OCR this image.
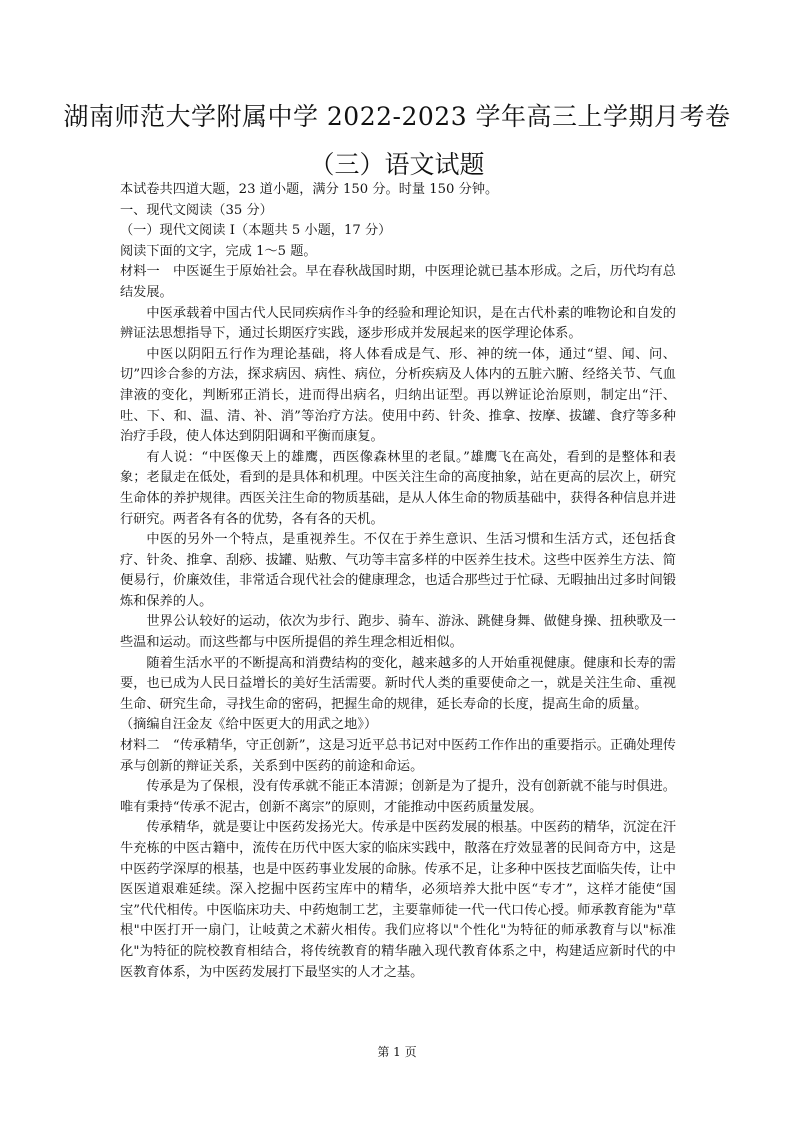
湖南师范大学附属中学 2022-2023 学年高三上学期月考卷
（三）语文试题

本试卷共四道大题，23 道小题，满分 150 分。时量 150 分钟。

一、现代文阅读（35 分）

（一）现代文阅读 I（本题共 5 小题，17 分）

阅读下面的文字，完成 1～5 题。

材料一　中医诞生于原始社会。早在春秋战国时期，中医理论就已基本形成。之后，历代均有总结发展。

中医承载着中国古代人民同疾病作斗争的经验和理论知识，是在古代朴素的唯物论和自发的辨证法思想指导下，通过长期医疗实践，逐步形成并发展起来的医学理论体系。

中医以阴阳五行作为理论基础，将人体看成是气、形、神的统一体，通过“望、闻、问、切”四诊合参的方法，探求病因、病性、病位，分析疾病及人体内的五脏六腑、经络关节、气血津液的变化，判断邪正消长，进而得出病名，归纳出证型。再以辨证论治原则，制定出“汗、吐、下、和、温、清、补、消”等治疗方法。使用中药、针灸、推拿、按摩、拔罐、食疗等多种治疗手段，使人体达到阴阳调和平衡而康复。

有人说：“中医像天上的雄鹰，西医像森林里的老鼠。”雄鹰飞在高处，看到的是整体和表象；老鼠走在低处，看到的是具体和机理。中医关注生命的高度抽象，站在更高的层次上，研究生命体的养护规律。西医关注生命的物质基础，是从人体生命的物质基础中，获得各种信息并进行研究。两者各有各的优势，各有各的天机。

中医的另外一个特点，是重视养生。不仅在于养生意识、生活习惯和生活方式，还包括食疗、针灸、推拿、刮痧、拔罐、贴敷、气功等丰富多样的中医养生技术。这些中医养生方法、简便易行，价廉效佳，非常适合现代社会的健康理念，也适合那些过于忙碌、无暇抽出过多时间锻炼和保养的人。

世界公认较好的运动，依次为步行、跑步、骑车、游泳、跳健身舞、做健身操、扭秧歌及一些温和运动。而这些都与中医所提倡的养生理念相近相似。

随着生活水平的不断提高和消费结构的变化，越来越多的人开始重视健康。健康和长寿的需要，也已成为人民日益增长的美好生活需要。新时代人类的重要使命之一，就是关注生命、重视生命、研究生命，寻找生命的密码，把握生命的规律，延长寿命的长度，提高生命的质量。

（摘编自汪金友《给中医更大的用武之地》）

材料二　“传承精华，守正创新”，这是习近平总书记对中医药工作作出的重要指示。正确处理传承与创新的辩证关系，关系到中医药的前途和命运。

传承是为了保根，没有传承就不能正本清源；创新是为了提升，没有创新就不能与时俱进。唯有秉持“传承不泥古，创新不离宗”的原则，才能推动中医药质量发展。

传承精华，就是要让中医药发扬光大。传承是中医药发展的根基。中医药的精华，沉淀在汗牛充栋的中医古籍中，流传在历代中医大家的临床实践中，散落在疗效显著的民间奇方中，这是中医药学深厚的根基，也是中医药事业发展的命脉。传承不足，让多种中医技艺面临失传，让中医医道艰难延续。深入挖掘中医药宝库中的精华，必须培养大批中医“专才”，这样才能使“国宝”代代相传。中医临床功夫、中药炮制工艺，主要靠师徒一代一代口传心授。师承教育能为"草根"中医打开一扇门，让岐黄之术薪火相传。我们应将以"个性化"为特征的师承教育与以"标准化"为特征的院校教育相结合，将传统教育的精华融入现代教育体系之中，构建适应新时代的中医教育体系，为中医药发展打下最坚实的人才之基。

第 1 页
